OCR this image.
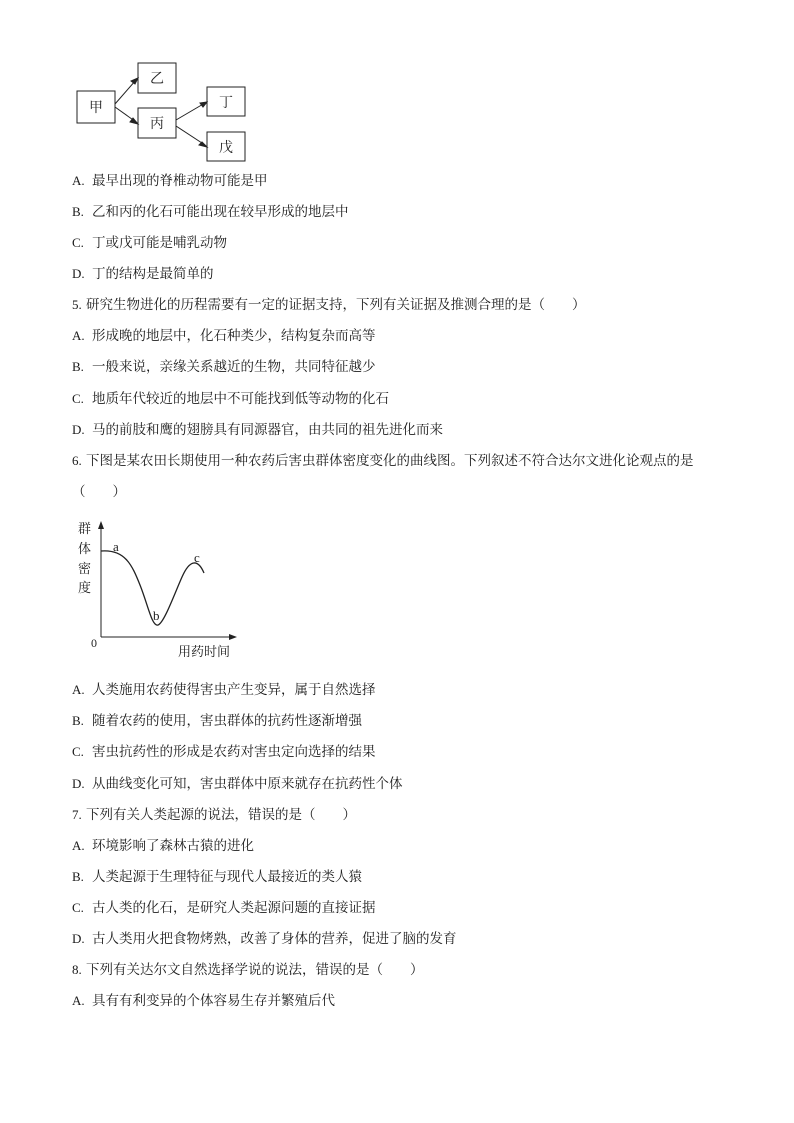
甲
乙
丙
丁
戊
A. 最早出现的脊椎动物可能是甲
B. 乙和丙的化石可能出现在较早形成的地层中
C. 丁或戊可能是哺乳动物
D. 丁的结构是最简单的
5. 研究生物进化的历程需要有一定的证据支持，下列有关证据及推测合理的是（　　）
A. 形成晚的地层中，化石种类少，结构复杂而高等
B. 一般来说，亲缘关系越近的生物，共同特征越少
C. 地质年代较近的地层中不可能找到低等动物的化石
D. 马的前肢和鹰的翅膀具有同源器官，由共同的祖先进化而来
6. 下图是某农田长期使用一种农药后害虫群体密度变化的曲线图。下列叙述不符合达尔文进化论观点的是
（　　）
群
体
密
度
0
a
b
c
用药时间
A. 人类施用农药使得害虫产生变异，属于自然选择
B. 随着农药的使用，害虫群体的抗药性逐渐增强
C. 害虫抗药性的形成是农药对害虫定向选择的结果
D. 从曲线变化可知，害虫群体中原来就存在抗药性个体
7. 下列有关人类起源的说法，错误的是（　　）
A. 环境影响了森林古猿的进化
B. 人类起源于生理特征与现代人最接近的类人猿
C. 古人类的化石，是研究人类起源问题的直接证据
D. 古人类用火把食物烤熟，改善了身体的营养，促进了脑的发育
8. 下列有关达尔文自然选择学说的说法，错误的是（　　）
A. 具有有利变异的个体容易生存并繁殖后代
